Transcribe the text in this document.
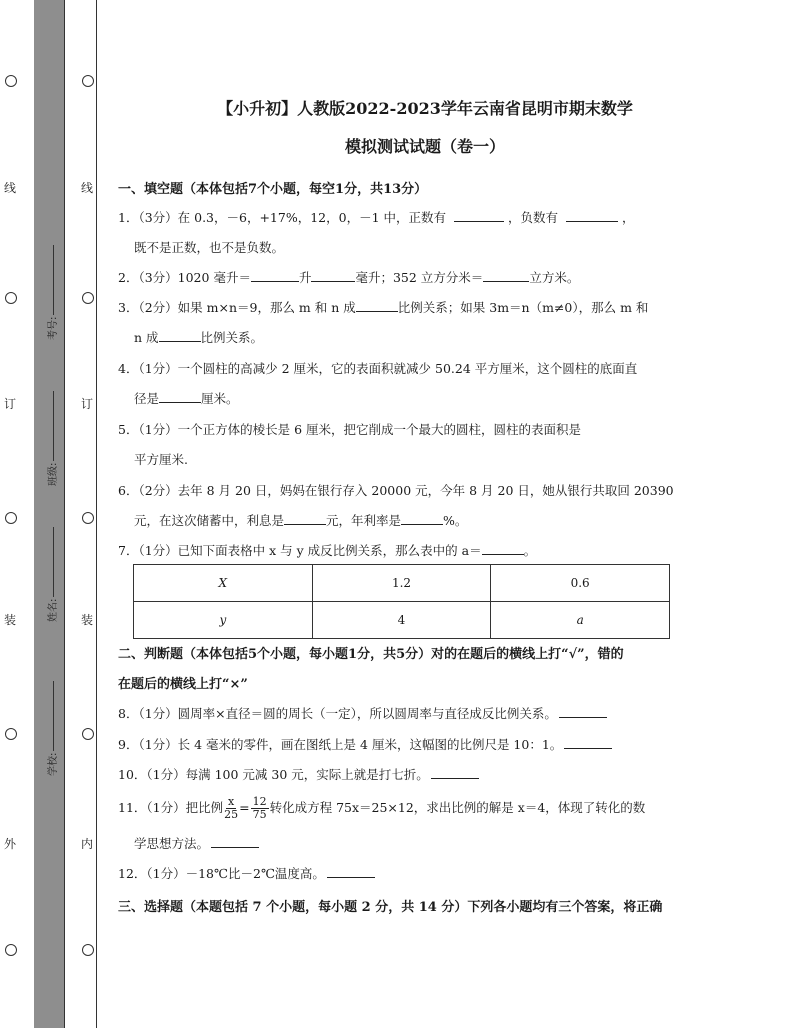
线
订
装
外
线
订
装
内
考号:
班级:
姓名:
学校:
【小升初】人教版2022-2023学年云南省昆明市期末数学
模拟测试试题（卷一）
一、填空题（本体包括7个小题，每空1分，共13分）
1．（3分）在 0.3，－6，+17%，12，0，－1 中，正数有	，负数有	，
既不是正数，也不是负数。
2．（3分）1020 毫升＝	升	毫升；352 立方分米＝	立方米。
3．（2分）如果 m×n＝9，那么 m 和 n 成	比例关系；如果 3m＝n（m≠0），那么 m 和
n 成	比例关系。
4．（1分）一个圆柱的高减少 2 厘米，它的表面积就减少 50.24 平方厘米，这个圆柱的底面直
径是	厘米。
5．（1分）一个正方体的棱长是 6 厘米，把它削成一个最大的圆柱，圆柱的表面积是
平方厘米.
6．（2分）去年 8 月 20 日，妈妈在银行存入 20000 元，今年 8 月 20 日，她从银行共取回 20390
元，在这次储蓄中，利息是	元，年利率是	%。
7．（1分）已知下面表格中 x 与 y 成反比例关系，那么表中的 a＝	。
X	1.2	0.6
y	4	a
二、判断题（本体包括5个小题，每小题1分，共5分）对的在题后的横线上打“√”，错的
在题后的横线上打“×”
8．（1分）圆周率×直径＝圆的周长（一定），所以圆周率与直径成反比例关系。
9．（1分）长 4 毫米的零件，画在图纸上是 4 厘米，这幅图的比例尺是 10：1。
10．（1分）每满 100 元减 30 元，实际上就是打七折。
11．（1分）把比例 $\frac{x}{25} = \frac{12}{75}$ 转化成方程 75x＝25×12，求出比例的解是 x＝4，体现了转化的数
学思想方法。
12．（1分）－18℃比－2℃温度高。
三、选择题（本题包括 7 个小题，每小题 2 分，共 14 分）下列各小题均有三个答案，将正确
